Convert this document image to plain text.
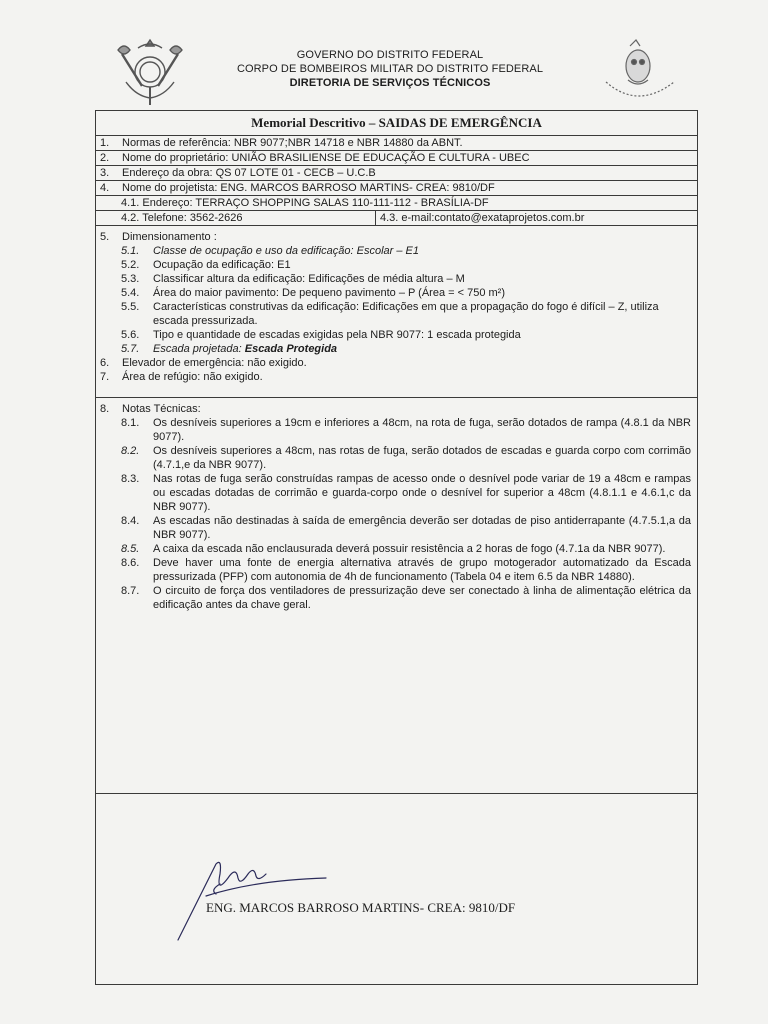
GOVERNO DO DISTRITO FEDERAL
CORPO DE BOMBEIROS MILITAR DO DISTRITO FEDERAL
DIRETORIA DE SERVIÇOS TÉCNICOS
Memorial Descritivo – SAIDAS DE EMERGÊNCIA
1. Normas de referência: NBR 9077;NBR 14718 e NBR 14880 da ABNT.
2. Nome do proprietário: UNIÃO BRASILIENSE DE EDUCAÇÃO E CULTURA - UBEC
3. Endereço da obra: QS 07 LOTE 01 - CECB – U.C.B
4. Nome do projetista: ENG. MARCOS BARROSO MARTINS- CREA: 9810/DF
4.1. Endereço: TERRAÇO SHOPPING SALAS 110-111-112 - BRASÍLIA-DF
4.2. Telefone: 3562-2626	4.3. e-mail:contato@exataprojetos.com.br
5.	Dimensionamento :
5.1.	Classe de ocupação e uso da edificação: Escolar – E1
5.2.	Ocupação da edificação: E1
5.3.	Classificar altura da edificação: Edificações de média altura – M
5.4.	Área do maior pavimento: De pequeno pavimento – P (Área = < 750 m²)
5.5.	Características construtivas da edificação: Edificações em que a propagação do fogo é difícil – Z, utiliza escada pressurizada.
5.6.	Tipo e quantidade de escadas exigidas pela NBR 9077: 1 escada protegida
5.7.	Escada projetada: Escada Protegida
6.	Elevador de emergência: não exigido.
7.	Área de refúgio: não exigido.
8.	Notas Técnicas:
8.1.	Os desníveis superiores a 19cm e inferiores a 48cm, na rota de fuga, serão dotados de rampa (4.8.1 da NBR 9077).
8.2.	Os desníveis superiores a 48cm, nas rotas de fuga, serão dotados de escadas e guarda corpo com corrimão (4.7.1,e da NBR 9077).
8.3.	Nas rotas de fuga serão construídas rampas de acesso onde o desnível pode variar de 19 a 48cm e rampas ou escadas dotadas de corrimão e guarda-corpo onde o desnível for superior a 48cm (4.8.1.1 e 4.6.1,c da NBR 9077).
8.4.	As escadas não destinadas à saída de emergência deverão ser dotadas de piso antiderrapante (4.7.5.1,a da NBR 9077).
8.5.	A caixa da escada não enclausurada deverá possuir resistência a 2 horas de fogo (4.7.1a da NBR 9077).
8.6.	Deve haver uma fonte de energia alternativa através de grupo motogerador automatizado da Escada pressurizada (PFP) com autonomia de 4h de funcionamento (Tabela 04 e item 6.5 da NBR 14880).
8.7.	O circuito de força dos ventiladores de pressurização deve ser conectado à linha de alimentação elétrica da edificação antes da chave geral.
ENG. MARCOS BARROSO MARTINS- CREA: 9810/DF
